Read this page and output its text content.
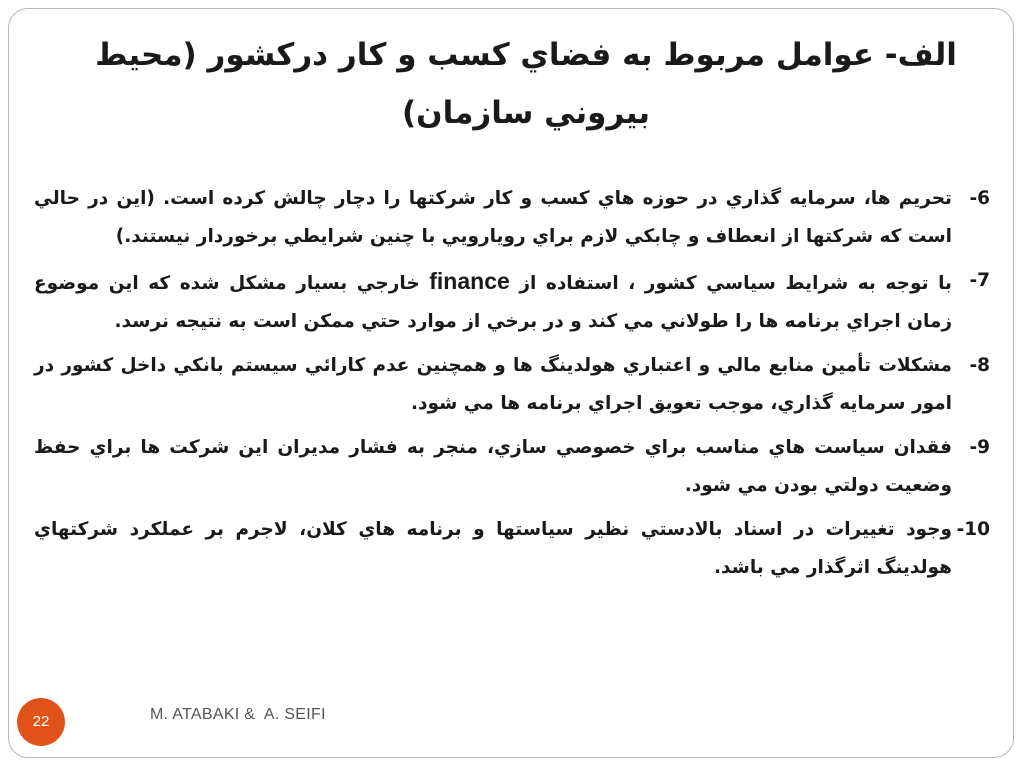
الف- عوامل مربوط به فضاي کسب و کار درکشور (محيط بيروني سازمان)
6-
تحريم ها، سرمايه گذاري در حوزه هاي کسب و کار شرکتها را دچار چالش کرده است. (اين در حالي است که شرکتها از انعطاف و چابکي لازم براي رويارويي با چنين شرايطي برخوردار نيستند.)
7-
با توجه به شرايط سياسي کشور ، استفاده از finance خارجي بسيار مشکل شده که اين موضوع زمان اجراي برنامه ها را طولاني مي کند و در برخي از موارد حتي ممکن است به نتيجه نرسد.
8-
مشکلات تأمين منابع مالي و اعتباري هولدينگ ها و همچنين عدم کارائي سيستم بانکي داخل کشور در امور سرمايه گذاري، موجب تعويق اجراي برنامه ها مي شود.
9-
فقدان سياست هاي مناسب براي خصوصي سازي، منجر به فشار مديران اين شرکت ها براي حفظ وضعيت دولتي بودن مي شود.
10-
وجود تغييرات در اسناد بالادستي نظير سياستها و برنامه هاي کلان، لاجرم بر عملکرد شرکتهاي هولدينگ اثرگذار مي باشد.
22	M. ATABAKI &  A. SEIFI
